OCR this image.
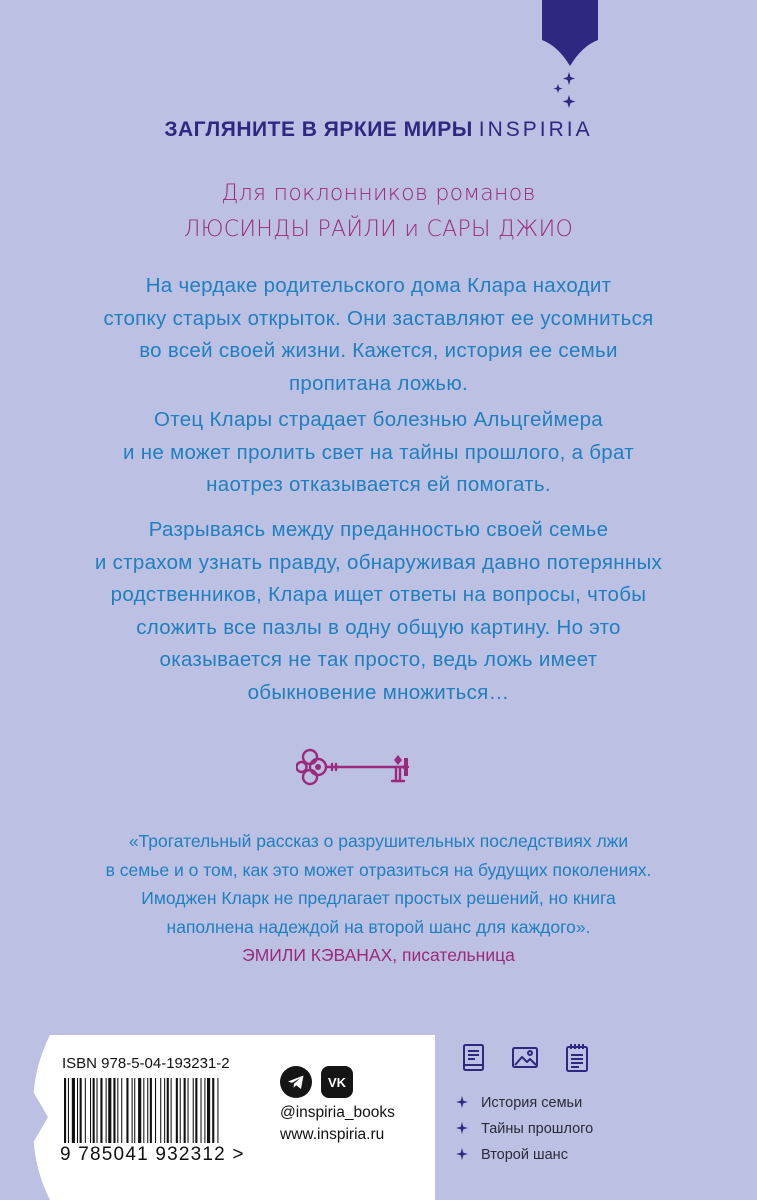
ЗАГЛЯНИТЕ В ЯРКИЕ МИРЫ INSPIRIA
Для поклонников романов
ЛЮСИНДЫ РАЙЛИ и САРЫ ДЖИО
На чердаке родительского дома Клара находит
стопку старых открыток. Они заставляют ее усомниться
во всей своей жизни. Кажется, история ее семьи
пропитана ложью.
Отец Клары страдает болезнью Альцгеймера
и не может пролить свет на тайны прошлого, а брат
наотрез отказывается ей помогать.
Разрываясь между преданностью своей семье
и страхом узнать правду, обнаруживая давно потерянных
родственников, Клара ищет ответы на вопросы, чтобы
сложить все пазлы в одну общую картину. Но это
оказывается не так просто, ведь ложь имеет
обыкновение множиться…
«Трогательный рассказ о разрушительных последствиях лжи
в семье и о том, как это может отразиться на будущих поколениях.
Имоджен Кларк не предлагает простых решений, но книга
наполнена надеждой на второй шанс для каждого».
ЭМИЛИ КЭВАНАХ, писательница
ISBN 978-5-04-193231-2
9 785041 932312 >
VK
@inspiria_books
www.inspiria.ru
История семьи
Тайны прошлого
Второй шанс
